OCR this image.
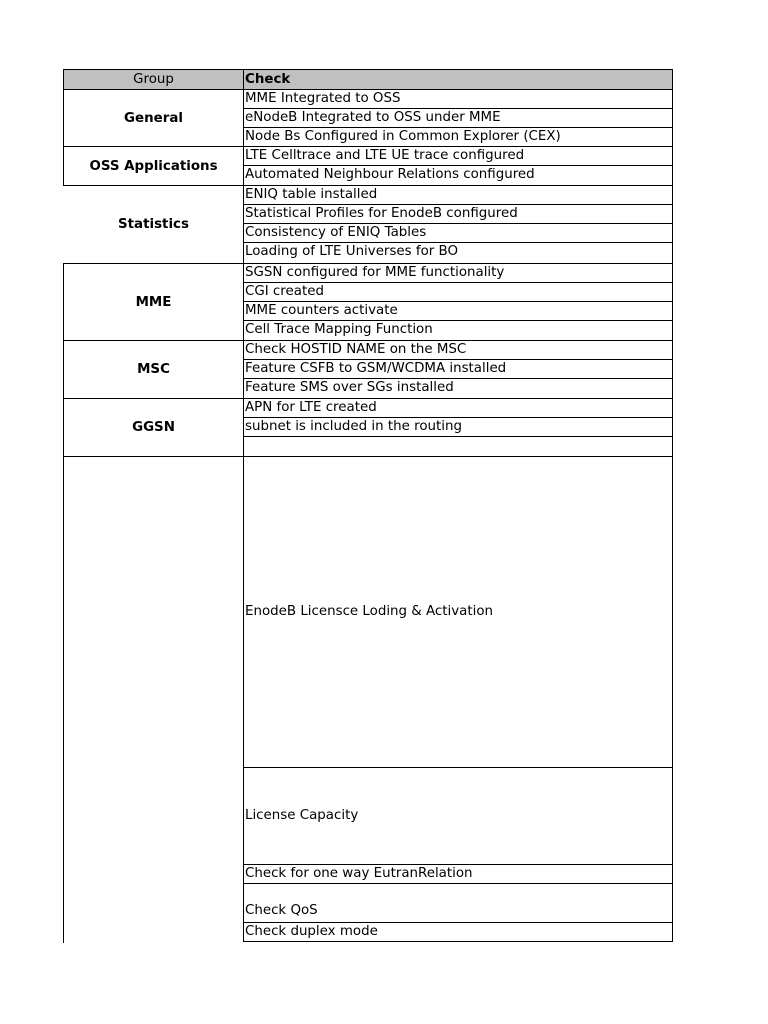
Group	Check
General
MME Integrated to OSS
eNodeB Integrated to OSS under MME
Node Bs Configured in Common Explorer (CEX)
OSS Applications
LTE Celltrace and LTE UE trace configured
Automated Neighbour Relations configured
Statistics
ENIQ table installed
Statistical Profiles for EnodeB configured
Consistency of ENIQ Tables
Loading of LTE Universes for BO
MME
SGSN configured for MME functionality
CGI created
MME counters activate
Cell Trace Mapping Function
MSC
Check HOSTID NAME on the MSC
Feature CSFB to GSM/WCDMA installed
Feature SMS over SGs installed
GGSN
APN for LTE created
subnet is included in the routing
EnodeB Licensce Loding & Activation
License Capacity
Check for one way EutranRelation
Check QoS
Check duplex mode
